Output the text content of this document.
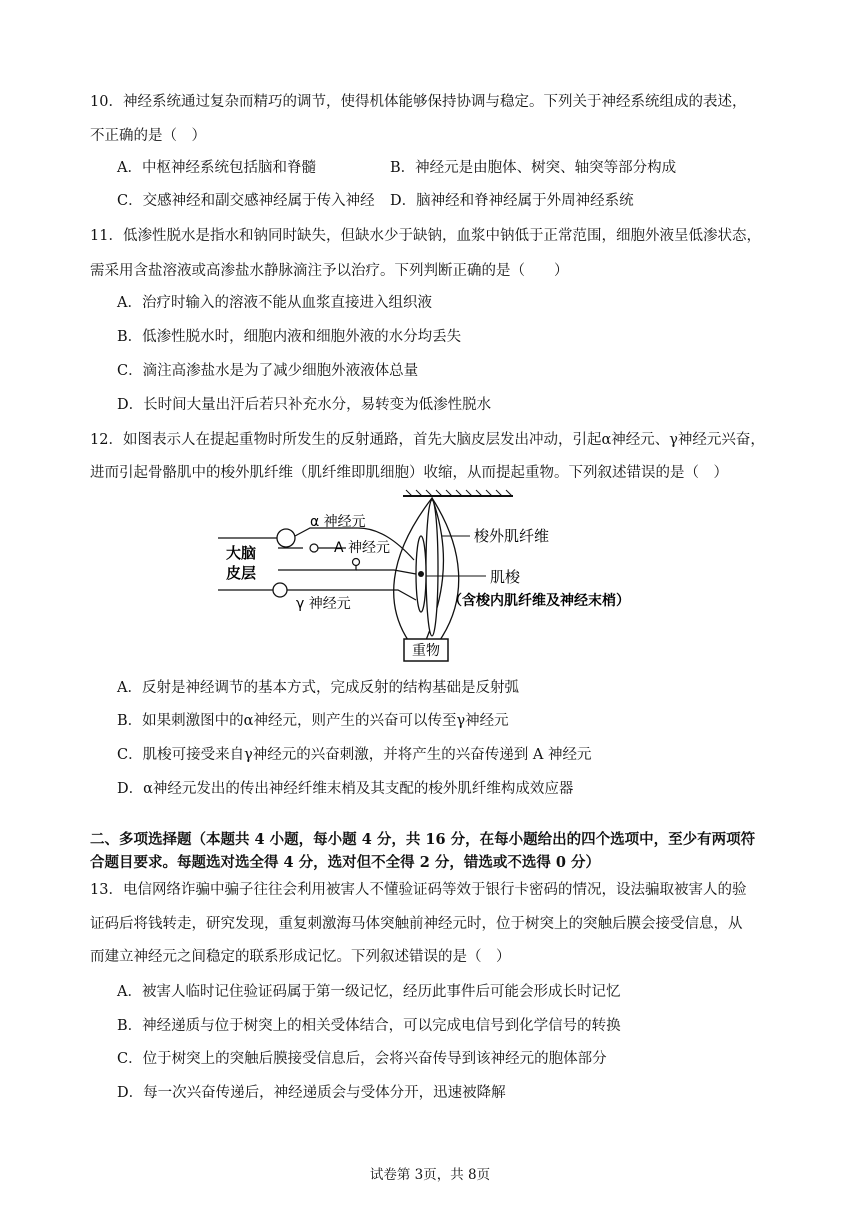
10．神经系统通过复杂而精巧的调节，使得机体能够保持协调与稳定。下列关于神经系统组成的表述，
不正确的是（　）
A．中枢神经系统包括脑和脊髓	B．神经元是由胞体、树突、轴突等部分构成
C．交感神经和副交感神经属于传入神经 D．脑神经和脊神经属于外周神经系统
11．低渗性脱水是指水和钠同时缺失，但缺水少于缺钠，血浆中钠低于正常范围，细胞外液呈低渗状态，
需采用含盐溶液或高渗盐水静脉滴注予以治疗。下列判断正确的是（　　）
A．治疗时输入的溶液不能从血浆直接进入组织液
B．低渗性脱水时，细胞内液和细胞外液的水分均丢失
C．滴注高渗盐水是为了减少细胞外液液体总量
D．长时间大量出汗后若只补充水分，易转变为低渗性脱水
12．如图表示人在提起重物时所发生的反射通路，首先大脑皮层发出冲动，引起α神经元、γ神经元兴奋，
进而引起骨骼肌中的梭外肌纤维（肌纤维即肌细胞）收缩，从而提起重物。下列叙述错误的是（　）
重物
大脑
皮层
α 神经元
A 神经元
γ 神经元
梭外肌纤维
肌梭
（含梭内肌纤维及神经末梢）
A．反射是神经调节的基本方式，完成反射的结构基础是反射弧
B．如果刺激图中的α神经元，则产生的兴奋可以传至γ神经元
C．肌梭可接受来自γ神经元的兴奋刺激，并将产生的兴奋传递到 A 神经元
D．α神经元发出的传出神经纤维末梢及其支配的梭外肌纤维构成效应器
二、多项选择题（本题共 4 小题，每小题 4 分，共 16 分，在每小题给出的四个选项中，至少有两项符
合题目要求。每题选对选全得 4 分，选对但不全得 2 分，错选或不选得 0 分）
13．电信网络诈骗中骗子往往会利用被害人不懂验证码等效于银行卡密码的情况，设法骗取被害人的验
证码后将钱转走，研究发现，重复刺激海马体突触前神经元时，位于树突上的突触后膜会接受信息，从
而建立神经元之间稳定的联系形成记忆。下列叙述错误的是（　）
A．被害人临时记住验证码属于第一级记忆，经历此事件后可能会形成长时记忆
B．神经递质与位于树突上的相关受体结合，可以完成电信号到化学信号的转换
C．位于树突上的突触后膜接受信息后，会将兴奋传导到该神经元的胞体部分
D．每一次兴奋传递后，神经递质会与受体分开，迅速被降解
试卷第 3页，共 8页
